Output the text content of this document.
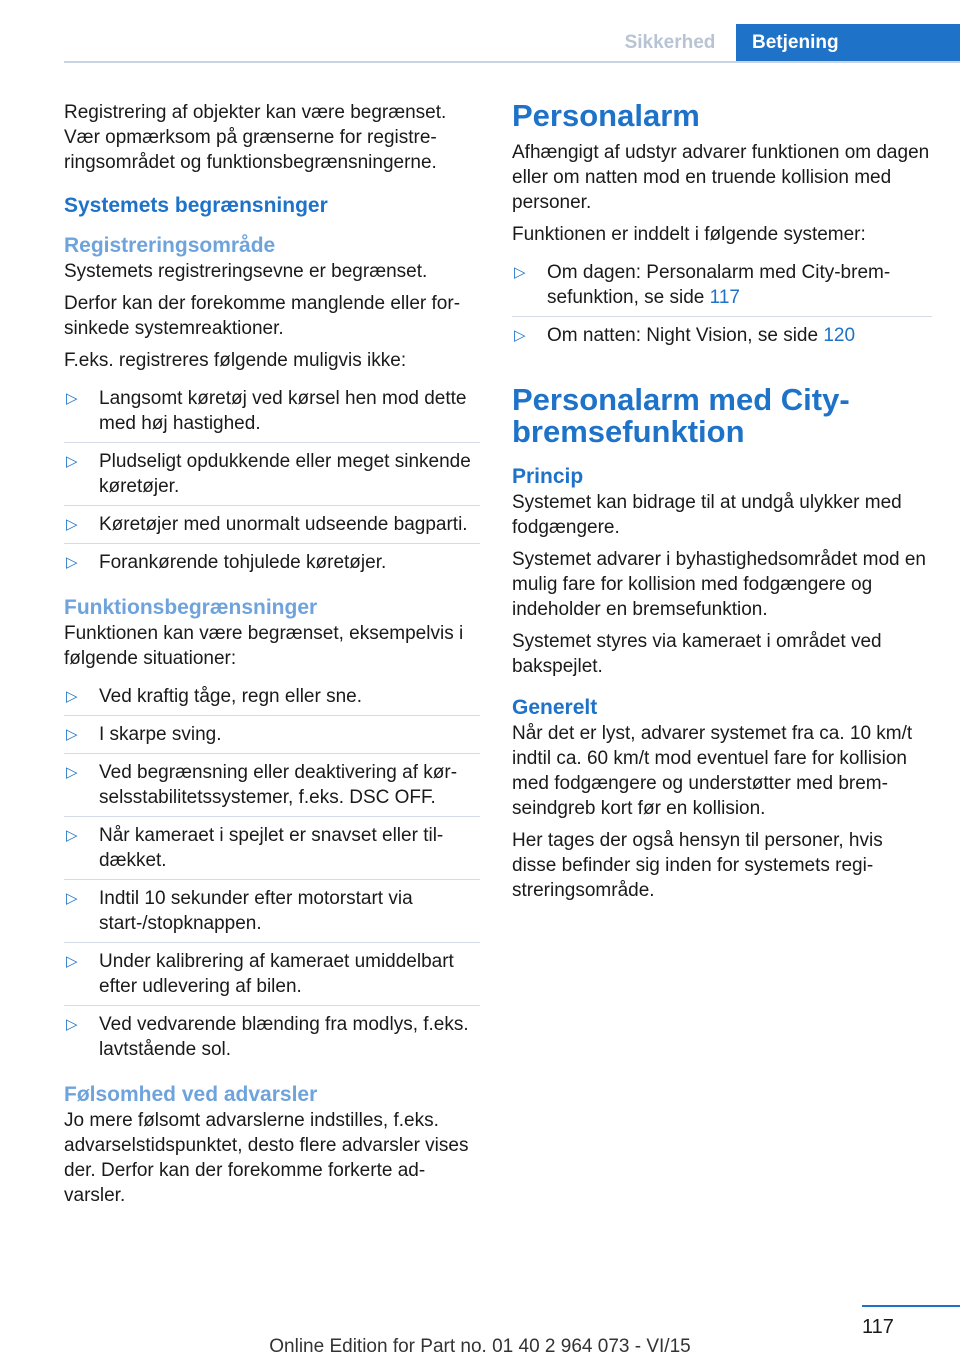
Sikkerhed	Betjening

Registrering af objekter kan være begrænset. Vær opmærksom på grænserne for registreringsområdet og funktionsbegrænsningerne.

Systemets begrænsninger
Registreringsområde

Systemets registreringsevne er begrænset.

Derfor kan der forekomme manglende eller forsinkede systemreaktioner.

F.eks. registreres følgende muligvis ikke:

▷ Langsomt køretøj ved kørsel hen mod dette med høj hastighed.
▷ Pludseligt opdukkende eller meget sinkende køretøjer.
▷ Køretøjer med unormalt udseende bagparti.
▷ Forankørende tohjulede køretøjer.
Funktionsbegrænsninger

Funktionen kan være begrænset, eksempelvis i følgende situationer:

▷ Ved kraftig tåge, regn eller sne.
▷ I skarpe sving.
▷ Ved begrænsning eller deaktivering af kørselsstabilitetssystemer, f.eks. DSC OFF.
▷ Når kameraet i spejlet er snavset eller tildækket.
▷ Indtil 10 sekunder efter motorstart via start-/stopknappen.
▷ Under kalibrering af kameraet umiddelbart efter udlevering af bilen.
▷ Ved vedvarende blænding fra modlys, f.eks. lavtstående sol.
Følsomhed ved advarsler

Jo mere følsomt advarslerne indstilles, f.eks. advarselstidspunktet, desto flere advarsler vises der. Derfor kan der forekomme forkerte advarsler.

Personalarm

Afhængigt af udstyr advarer funktionen om dagen eller om natten mod en truende kollision med personer.

Funktionen er inddelt i følgende systemer:

▷ Om dagen: Personalarm med City-bremsefunktion, se side 117
▷ Om natten: Night Vision, se side 120
Personalarm med City-bremsefunktion
Princip

Systemet kan bidrage til at undgå ulykker med fodgængere.

Systemet advarer i byhastighedsområdet mod en mulig fare for kollision med fodgængere og indeholder en bremsefunktion.

Systemet styres via kameraet i området ved bakspejlet.

Generelt

Når det er lyst, advarer systemet fra ca. 10 km/t indtil ca. 60 km/t mod eventuel fare for kollision med fodgængere og understøtter med bremseindgreb kort før en kollision.

Her tages der også hensyn til personer, hvis disse befinder sig inden for systemets registreringsområde.

117
Online Edition for Part no. 01 40 2 964 073 - VI/15
